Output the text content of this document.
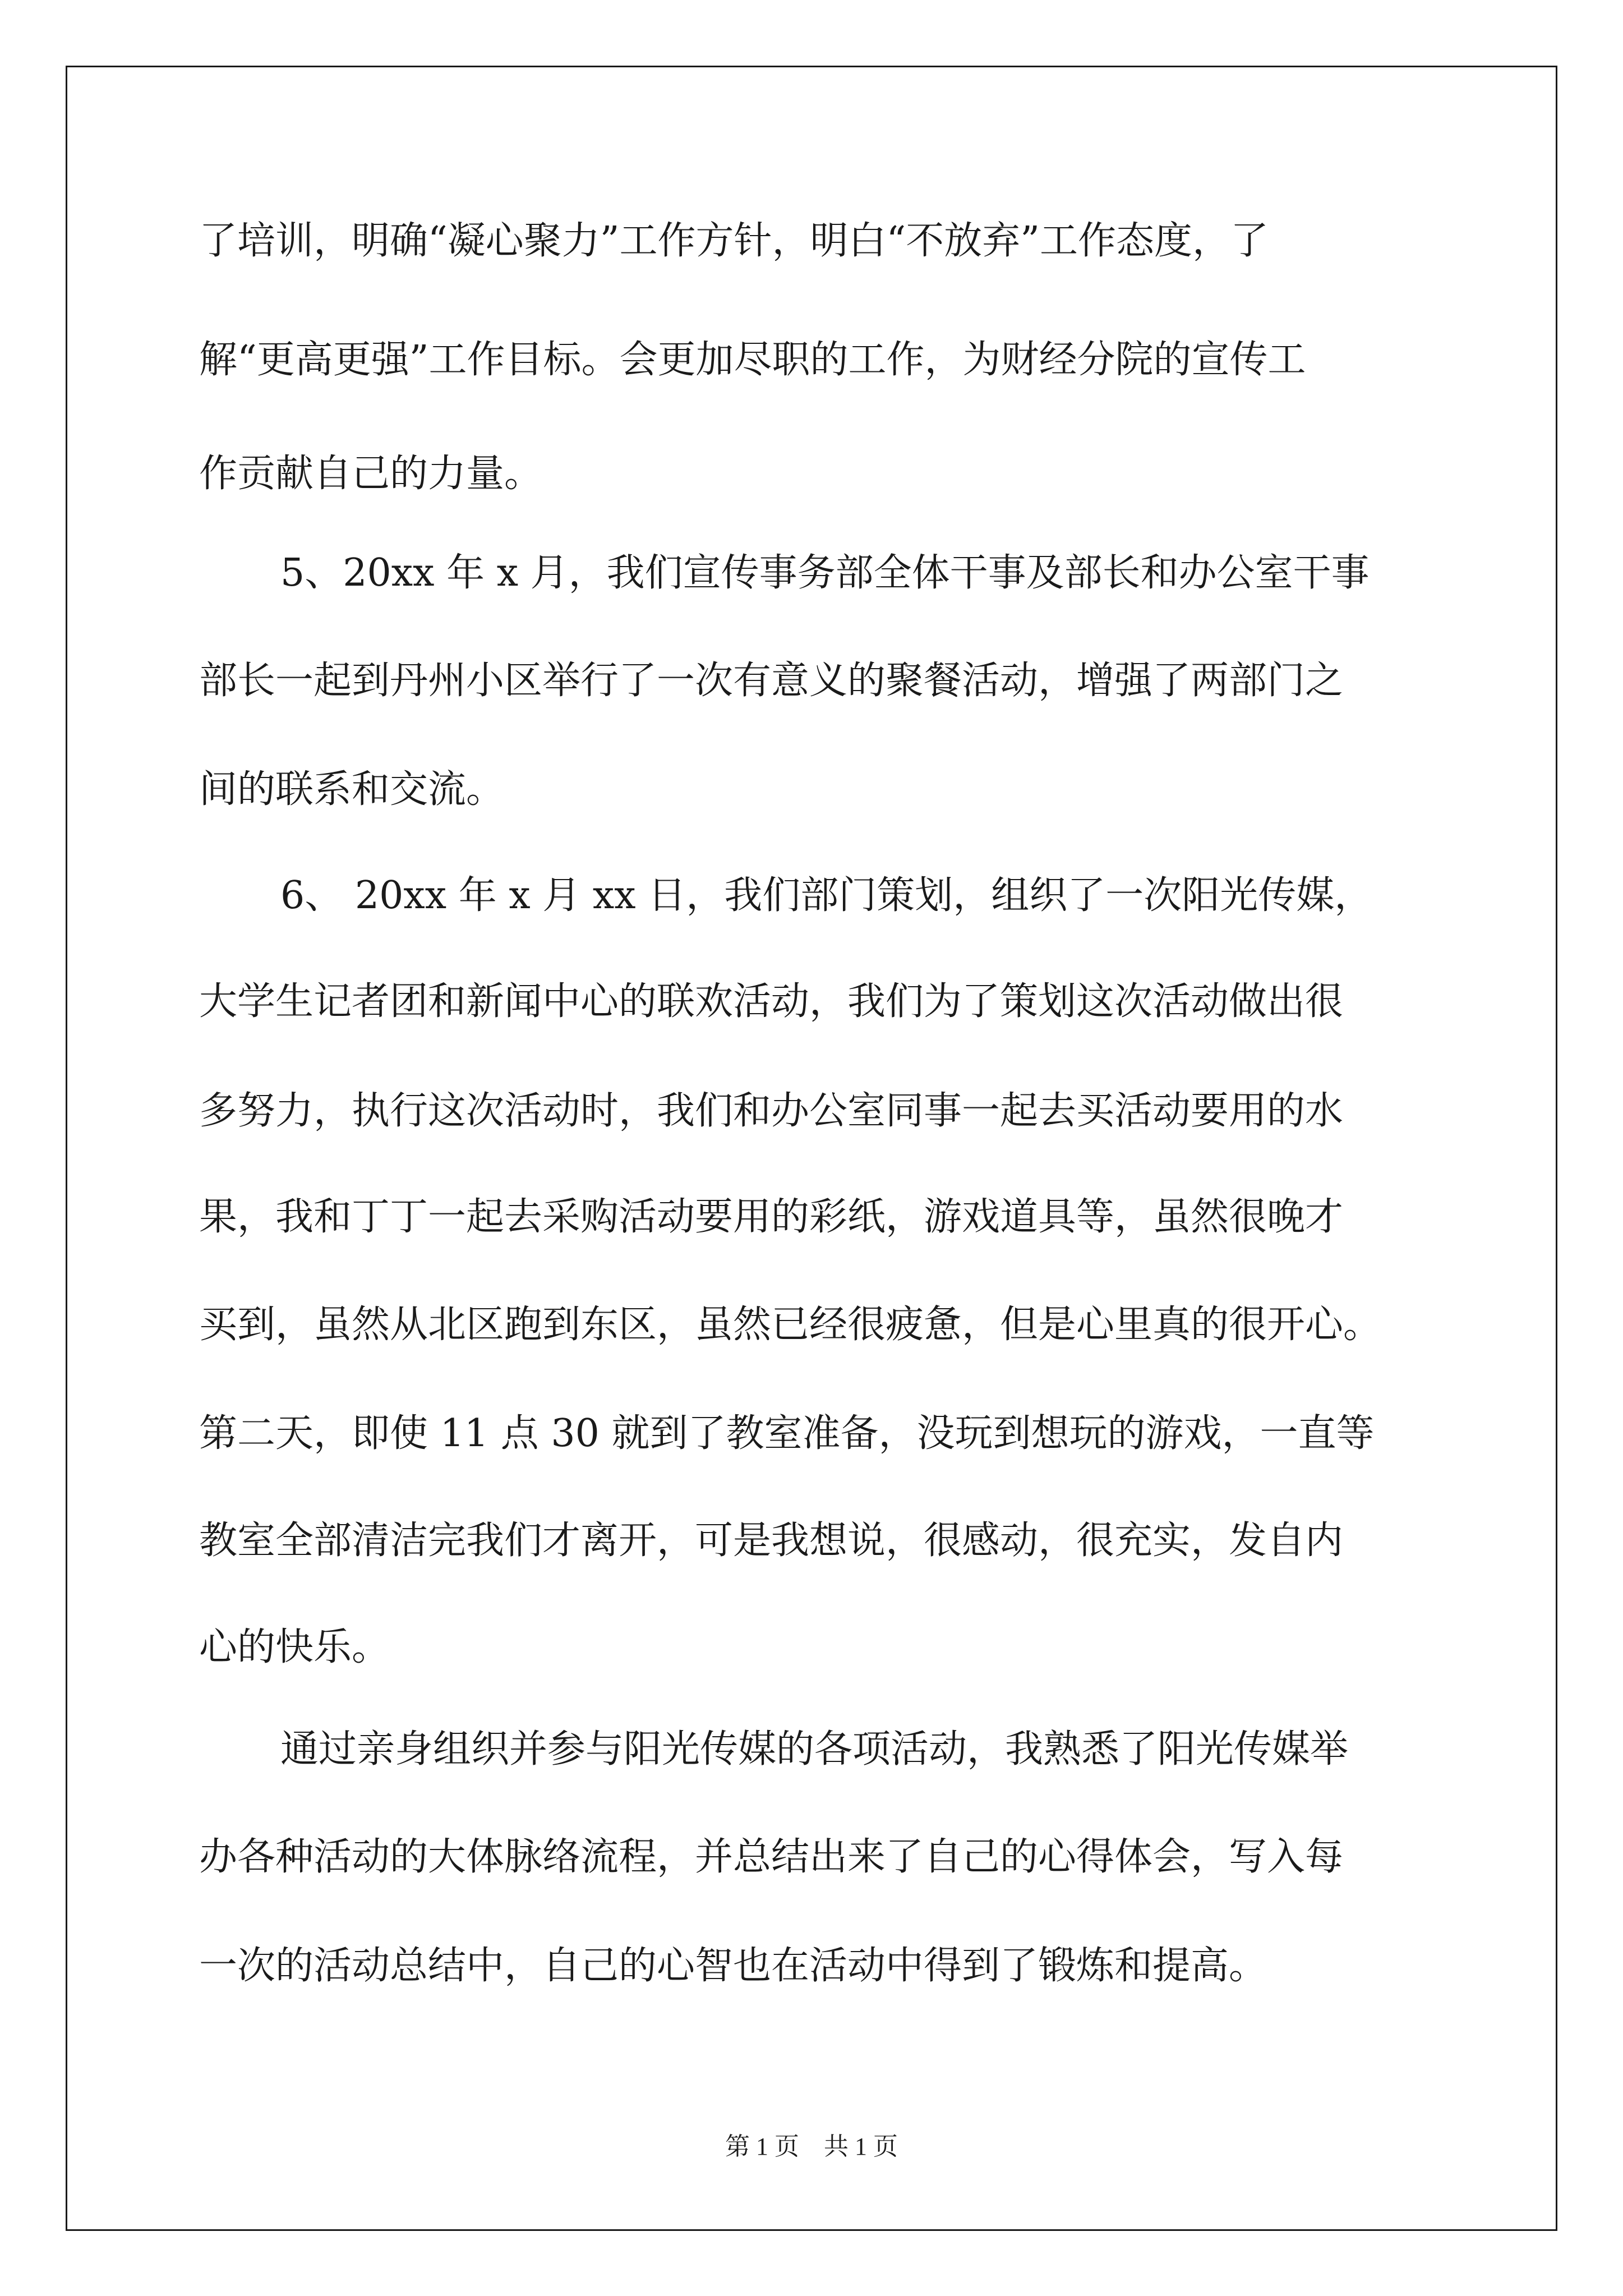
了培训，明确“凝心聚力”工作方针，明白“不放弃”工作态度，了

解“更高更强”工作目标。会更加尽职的工作，为财经分院的宣传工

作贡献自己的力量。

5、20xx 年 x 月，我们宣传事务部全体干事及部长和办公室干事

部长一起到丹州小区举行了一次有意义的聚餐活动，增强了两部门之

间的联系和交流。

6、 20xx 年 x 月 xx 日，我们部门策划，组织了一次阳光传媒，

大学生记者团和新闻中心的联欢活动，我们为了策划这次活动做出很

多努力，执行这次活动时，我们和办公室同事一起去买活动要用的水

果，我和丁丁一起去采购活动要用的彩纸，游戏道具等，虽然很晚才

买到，虽然从北区跑到东区，虽然已经很疲惫，但是心里真的很开心。

第二天，即使 11 点 30 就到了教室准备，没玩到想玩的游戏，一直等

教室全部清洁完我们才离开，可是我想说，很感动，很充实，发自内

心的快乐。

通过亲身组织并参与阳光传媒的各项活动，我熟悉了阳光传媒举

办各种活动的大体脉络流程，并总结出来了自己的心得体会，写入每

一次的活动总结中，自己的心智也在活动中得到了锻炼和提高。

第 1 页　共 1 页
